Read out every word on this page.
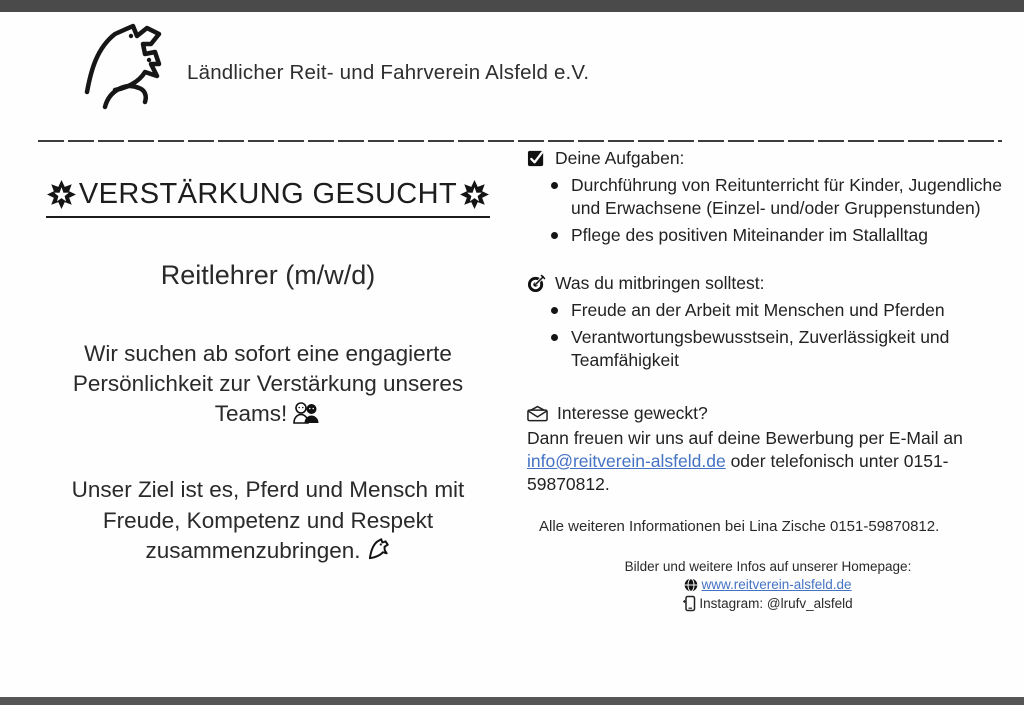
Ländlicher Reit- und Fahrverein Alsfeld e.V.
VERSTÄRKUNG GESUCHT
Reitlehrer (m/w/d)

Wir suchen ab sofort eine engagierte Persönlichkeit zur Verstärkung unseres Teams!

Unser Ziel ist es, Pferd und Mensch mit Freude, Kompetenz und Respekt zusammenzubringen.

Deine Aufgaben:
Durchführung von Reitunterricht für Kinder, Jugendliche und Erwachsene (Einzel- und/oder Gruppenstunden)
Pflege des positiven Miteinander im Stallalltag
Was du mitbringen solltest:
Freude an der Arbeit mit Menschen und Pferden
Verantwortungsbewusstsein, Zuverlässigkeit und Teamfähigkeit
Interesse geweckt?

Dann freuen wir uns auf deine Bewerbung per E-Mail an info@reitverein-alsfeld.de oder telefonisch unter 0151-59870812.

Alle weiteren Informationen bei Lina Zische 0151-59870812.

Bilder und weitere Infos auf unserer Homepage:
www.reitverein-alsfeld.de
Instagram: @lrufv_alsfeld
